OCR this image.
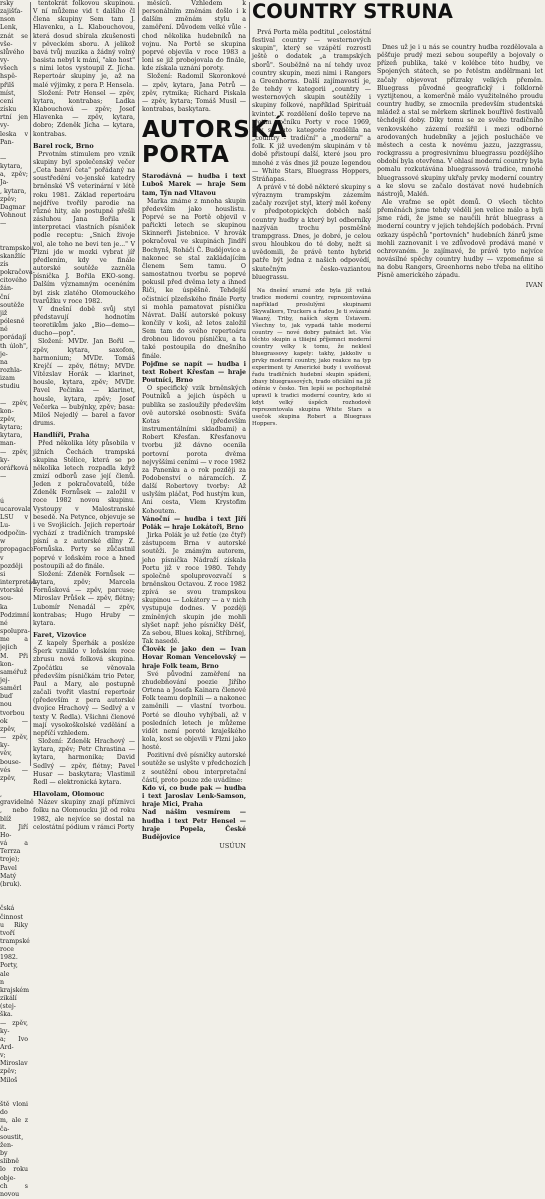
rsky zajišťa-
nson Lenk,
znát se vše-
slůvého vy-
všech hspě-
přilš míst,
cení získu
rtní jen vy-
leska v Pan-

— kytara,
a, zpěv; Ja-
, kytara,
zpěv; Dagmar
Vohnout —

trampskou
skanžlíc zís
pokračova-
citového žán-
ční soutěže
již pólesně
né porádají
th úloh", je-
na rozhla-
izam studiu

— zpěv, kon-
zpěv, kytara;
kytara, man-
— zpěv, ky-
orářková —

ú ucarovala
LSU v Lu-
odpočin-
w propagace
v později si
interpretač-
vtorské sou-
ka Podzimní
né spolupra-
me a jejich
M. Při kon-
saméřuž jej-
saměrl buď
nou tvorbou
ok — zpěv,
— zpěv, ky-
věv, bouse-
vés — zpěv,

, gravidelně
, nebo blíž
it. Jiří Ho-
vá a Terrza
troje); Pavel
Matý (bruk).

čská činnost
u Riky tvoří
trampské
roce 1982.
Porty, ale
n krajském
zikálí (stej-
ška.
— zpěv, ky-
a; Ivo Ard-
v; Miroslav
zpěv; Miloš

ště vloni do
m, ale z ča-
soustit, žen-
by slibně
lo roku obje-
ch s novou

tentokrát folkovou skupinou. V ní můžeme vid t dalšího čl člena skupiny Sem tam J. Hlavenku, a L. Klabouchovou, která dosud sbírala zkušenosti v pěveckém sboru. A jelikož bavá tvůj muzika a žádný volný basista nebyl k mání, "ako host" s nimi letos vystoupil Z. Jícha. Repertoár skupiny je, až na malé výjimky, z pera P. Hensela.

Složení: Petr Hensel — zpěv, kytara, kontrabas; Ladka Klabouchová — zpěv; Josef Hlavenka — zpěv, kytara, dobro; Zdeněk Jícha — kytara, kontrabas.

Barel rock, Brno

Prvotním stimulem pro vznik skupiny byl společenský večer „Ceta banví četa" pořádaný na soustředění vo-jenské katedry brněnské VŠ veterinární v létě roku 1981. Základ repertoáru nejdříve tvořily parodie na různé hity, ale postupně přešli zásluhou Jana Bořila k interpretaci vlastních písniček podle receptu: „Snich živoje vol, ale toho ne bevi ten je..." V Plzni jde w mozki vybrat jíř předlením, kdy ve finále autorské soutěže zazněla písnička J. Bořila EKO-song. Dalším významným ocenéním byl zisk zlatého Olomouckého tvarůžku v roce 1982.

V dnešní době svůj styl představují hodnotím teoretikům jako „Bio—demo—ducho—pop".

Složení: MVDr. Jan Bořil — zpěv, kytara, saxofon, harmonium; MVDr. Tomáš Krejčí — zpěv, flétny; MVDr. Vítězslav Horák — klarinet, housle, kytara, zpěv; MVDr. Pavel Pečinka — klarinet, housle, kytara, zpěv; Josef Večerka — bubýnky, zpěv; basa: Miloš Nejedlý — barel a favor drums.

Handlíři, Praha

Před několika léty působila v jižních Čechách trampská skupina Stélice, která se po několika letech rozpadla když zmizí odborů zase její členů. Jeden z pokračovatelů, téže Zdeněk Fornůsek — založil v roce 1982 novou skupinu. Vystoupy v Malostranské besedě. Na Petynce, objevuje se i ve Svojšicích. Jejich repertoár vychází z tradičních trampské písní a z autorské dílny Z. Fornůska. Porty se zůčastnil poprvé v loňském roce a hned postoupili až do finále.

Složení: Zdeněk Fornůsek — kytara, zpěv; Marcela Fornůsková — zpěv, parcuse; Miroslav Průšek — zpěv, flétny; Lubomír Nenadál — zpěv, kontrabas; Hugo Hruby — kytara.

Faret, Vizovice

Z kapely Šperhák a posléze Šperk vzniklo v loňském roce zbrusu nová folková skupina. Zpočátku se věnovala především písničkám trio Peter, Paul a Mary, ale postupně začali tvořit vlastní repertoár (především z pera autorské dvojice Hrachový — Sedlvý a v texty V. Ředla). Všichni členové mají vysokoškolské vzdělání a nepříčí vzhledem.

Složení: Zdeněk Hrachový — kytara, zpěv; Petr Chrastina — kytara, harmonika; David Sedlvý — zpěv, flétny; Pavel Husar — baskytara; Vlastimil Ředl — elektronická kytara.

Hlavolam, Olomouc

Název skupiny znají příznivci folku na Olomoucku již od roku 1982, ale nejvíce se dostal na celostátní pódium v rámci Porty

měsíců. Vzhledem k personálním změnám došlo i k dalším změnám stylu a zaměření. Důvodem velké vůle - chod několika hudebníků na vojnu. Na Portě se skupina poprvé objevila v roce 1983 a loni se již probojovala do finále, kde získala uznání poroty.

Složení: Radomil Skoronkové — zpěv, kytara, Jana Petrů — zpěv, rytmika; Richard Piskala — zpěv, kytara; Tomáš Musil — kontrabas, baskytara.

AUTORSKÁ PORTA

Starodávná — hudba i text Luboš Marek — hraje Sem tam, Týn nad Vltavou

Marka známe z mnoha skupin především jako houslistu. Poprvé se na Portě objevil v pařickti letech se skupinou Skinnerři Jistebnice. V hrovák pokračoval ve skupinách Jindří Bochynš, Roháči Č. Budějovice a nakonec se stal zakládajícím členem Sem tamu. O samostatnou tvorbu se poprvé pokusil před dvěma lety a ihned Řiči, ke úspěšně. Tehdejší očistnicí plzeňského finále Porty si mohla pamatovat písničku Návrat. Další autorské pokusy končily v koši, až letos založil Sem tam do svého repertoáru drobnou lidovou písničku, a ta také postoupila do dnešního finále.

Pojďme se napít — hudba i text Robert Křesťan — hraje Poutníci, Brno

O specifický vzik brněnských Poutníků a jejich úspěch u publika se zasloužily především ově autorské osobnosti: Sváťa Kotas (především instrumentálními skladbami) a Robert Křesťan. Křesťanovu tvorbu již dávno ocenila portovní porota dvěma nejvyššími ceními — v roce 1982 za Panenku a o rok později za Podobenství o náramcích. Z další Robertovy tvorby: Až uslyším pláčat, Pod hustým kun, Ani cesta, Vlem Krystofim Kohoutem.

Vánoční — hudba i text Jiří Polák — hraje Lokátoři, Brno

Jirka Polák je už řetíe (ze čtyř) zástupcem Brna v autorské soutěži. Je známým autorem, jeho písnička Nádraží získala Portu již v roce 1980. Tehdy společně spoluprovozvačí s brněnskou Octavou. Z roce 1982 zpívá se svou trampskou skupinou — Lokátory — a v nich vystupuje dodnes. V později zmíněných skupin jde mohli slyšet např. jeho písničky Děšť, Za sebou, Blues kokaj, Stříbrnej, Tak nasedě.

Člověk je jako den — Ivan Hovar Roman Vencelovský — hraje Folk team, Brno

Své původní zaměření na zhudebňování poezie Jiřího Ortena a Josefa Kainara členové Folk teamu doplnili — a nakonec zaměnili — vlastní tvorbou. Porté se dlouho vyhýbali, až v posledních letech je můžeme vidět nemí poroté kraješkého kola, kost se objevili v Plzni jako hosté.

Pozitivní dvě písničky autorské soutěže se uslyšte v předchozích z soutěžní obou interpretační částí, proto pouze zde uvádíme:

Kdo ví, co bude pak — hudba i text Jaroslav Lenk-Samson, hraje Mici, Praha

Nad nášim vesmírem — hudba i text Petr Hensel — hraje Popela, České Budějovice

USÚUN

COUNTRY STRUNA

Prvá Porta měla podtitul „celostátní festival country — westernových skupin", který se vzápětí rozrostl ještě o dodatek „a trampských sborů". Souběžně na ní tehdy uvoz country skupin, mezi nimi i Rangers a Greenhorns. Další zajímavostí je, že tehdy v kategorii „country — westernových skupin soutěžily i skupiny folkové, například Spirituál kvintet. K rozdělení došlo teprve na třetím ročníku Porty v roce 1969, kdy se tato kategorie rozdělila na „country - tradiční" a „moderní" a folk. K již uvedeným skupinám v tě době přistoupí další, které jsou pro mnohé z vás dnes již pouze legendou — White Stars, Bluegrass Hoppers, Stráňapas.

A právě v té době některé skupiny s výraznym trampským zázemím začaly rozvíjet styl, který měl kořeny v předpotopických doběch naší country hudby a který byl odborníky nazýván trochu posměšně trampgrass. Dnes, je dobré, je celou svou hloubkou do té doby, nežt si uvědomili, že právě tento hybrid patře být jedna z našich odpovédí, skutečným česko-vaziantou bluegrassu.

Na dnešní srazné zde byla již velká tradice moderní country, reprezentována například proslulými skupinami Skywalkers, Truckers a řadou Je ti svázané Waaný, Triby, naších skym Ústavem. Všechny to, jak vypadá tahle moderní country — nové dobry patnáct let. Vše těchto skupin a tliiejní příjemnci moderní country velky k tomu, že neklesl bluegrassovy kapely: takhy, jakkoliv u prvky moderní country, jako reakce na typ experiment ty Americké budy i uvolňovat řadu tradičních hudební skupin spádení, zbavy bluegrassových, trado oficiální na již oděnie v česko. Ten lepší se pochopitelně upravil k tradici moderní country, kdo si kdyt velký úspěch rozhodově reprezentovala skupina White Stars a usečok skupina Robert a Bluegrass Hoppers.

Dnes už je i u nás se country hudba rozdělovala a pěšťuje prudý mezi sebou soupeřily a bojovaly o přízeň publika, také v kolébce této hudby, ve Spojených státech, se po řetěstm andělrmani let začaly objevovat přízraky velkých přeměn. Bluegrass původné geografický i folklorně vyztijtenou, a komerčně málo využitelného proudu country hudby, se zmocnila predevším studentská mládež a stal se měrkem skrlinek bouřlivě festivalů těchdejší doby. Díky tomu se ze svého tradičního venkovského zázemí rozšířil i mezi odborné arodovaných hudebníky a jejich poslucháče ve městech a cesta k novému jazzu, jazzgrassu, rockgrassu a progresivnímu bluegrassu pozdějšího období byla otevřena. V ohlasí moderní country byla pomalu rozkutávána bluegrassová tradice, mnohé bluegrassové skupiny ukřaly prvky moderní country a ke slovu se začalo dostávat nové hudebních nástrojů, Maléň.

Ale vraťme se opět domů. O všech těchto přeměnách jsme tehdy věděli jen velice málo a byli jsme rádi, že jsme se naučili hrát bluegrass a moderní country v jejich tehdejších podobách. První ozkazy úspěchů "portovních" hudebních žánrů jsme mohli zaznovanit i ve zdůvodově prodává mané v ochrovaném. Je zajímavé, že právě tyto nejvíce novásilné spěchy country hudby — vzpomeňme si na dobu Rangers, Greenhorns nebo třeba na elitiho Písně amerického západu.

IVAN
